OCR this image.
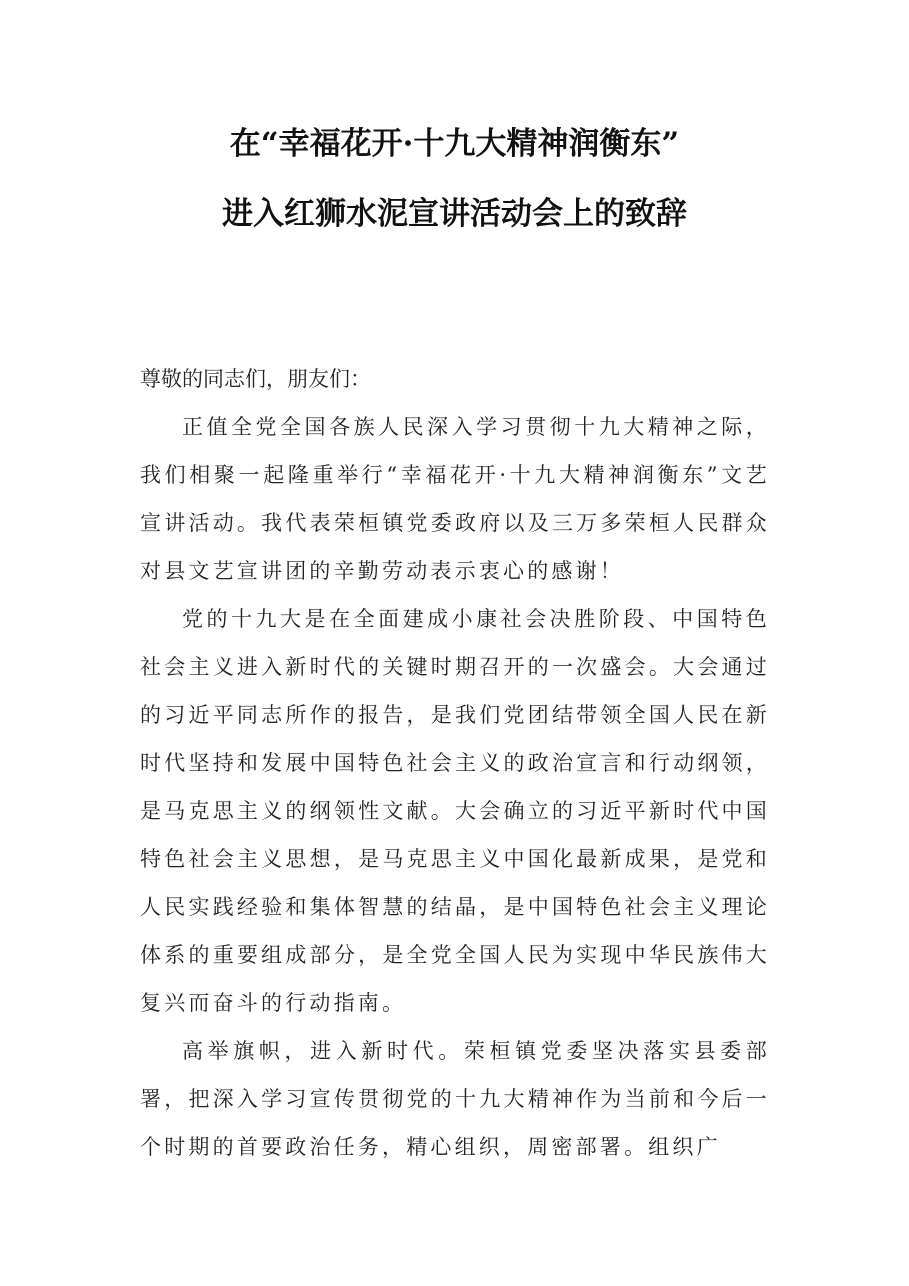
在“幸福花开·十九大精神润衡东”
进入红狮水泥宣讲活动会上的致辞

尊敬的同志们，朋友们：

正值全党全国各族人民深入学习贯彻十九大精神之际，我们相聚一起隆重举行“幸福花开·十九大精神润衡东”文艺宣讲活动。我代表荣桓镇党委政府以及三万多荣桓人民群众对县文艺宣讲团的辛勤劳动表示衷心的感谢！

党的十九大是在全面建成小康社会决胜阶段、中国特色社会主义进入新时代的关键时期召开的一次盛会。大会通过的习近平同志所作的报告，是我们党团结带领全国人民在新时代坚持和发展中国特色社会主义的政治宣言和行动纲领，是马克思主义的纲领性文献。大会确立的习近平新时代中国特色社会主义思想，是马克思主义中国化最新成果，是党和人民实践经验和集体智慧的结晶，是中国特色社会主义理论体系的重要组成部分，是全党全国人民为实现中华民族伟大复兴而奋斗的行动指南。

高举旗帜，进入新时代。荣桓镇党委坚决落实县委部署，把深入学习宣传贯彻党的十九大精神作为当前和今后一个时期的首要政治任务，精心组织，周密部署。组织广
